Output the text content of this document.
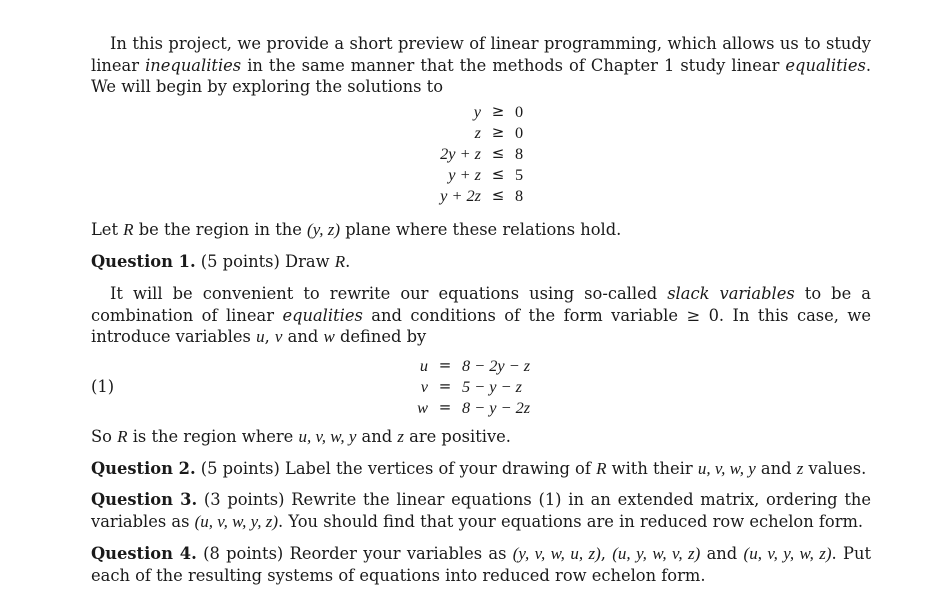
In this project, we provide a short preview of linear programming, which allows us to study linear inequalities in the same manner that the methods of Chapter 1 study linear equalities. We will begin by exploring the solutions to

y	≥	0
z	≥	0
2y + z	≤	8
y + z	≤	5
y + 2z	≤	8

Let R be the region in the (y, z) plane where these relations hold.

Question 1. (5 points) Draw R.

It will be convenient to rewrite our equations using so-called slack variables to be a combination of linear equalities and conditions of the form variable ≥ 0. In this case, we introduce variables u, v and w defined by

(1)
u	=	8 − 2y − z
v	=	5 − y − z
w	=	8 − y − 2z

So R is the region where u, v, w, y and z are positive.

Question 2. (5 points) Label the vertices of your drawing of R with their u, v, w, y and z values.

Question 3. (3 points) Rewrite the linear equations (1) in an extended matrix, ordering the variables as (u, v, w, y, z). You should find that your equations are in reduced row echelon form.

Question 4. (8 points) Reorder your variables as (y, v, w, u, z), (u, y, w, v, z) and (u, v, y, w, z). Put each of the resulting systems of equations into reduced row echelon form.
